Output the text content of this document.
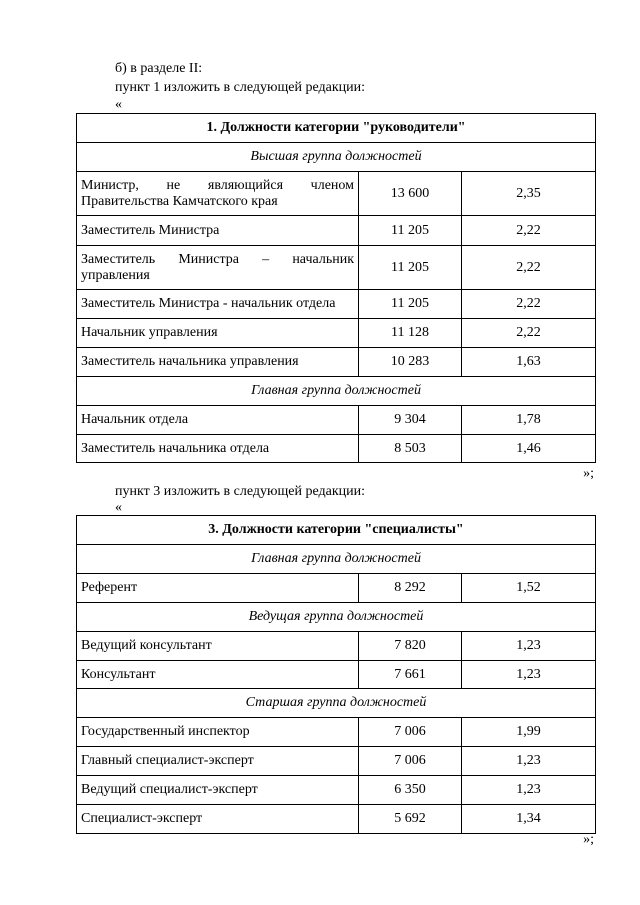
б) в разделе II:
пункт 1 изложить в следующей редакции:
«
1. Должности категории "руководители"		
Высшая группа должностей		

Министр, не являющийся членом
Правительства Камчатского края	13 600	2,35
Заместитель Министра	11 205	2,22

Заместитель Министра – начальник
управления	11 205	2,22
Заместитель Министра - начальник отдела	11 205	2,22
Начальник управления	11 128	2,22
Заместитель начальника управления	10 283	1,63
Главная группа должностей		
Начальник отдела	9 304	1,78
Заместитель начальника отдела	8 503	1,46
»;
пункт 3 изложить в следующей редакции:
«
3. Должности категории "специалисты"		
Главная группа должностей		
Референт	8 292	1,52
Ведущая группа должностей		
Ведущий консультант	7 820	1,23
Консультант	7 661	1,23
Старшая группа должностей		
Государственный инспектор	7 006	1,99
Главный специалист-эксперт	7 006	1,23
Ведущий специалист-эксперт	6 350	1,23
Специалист-эксперт	5 692	1,34
»;
